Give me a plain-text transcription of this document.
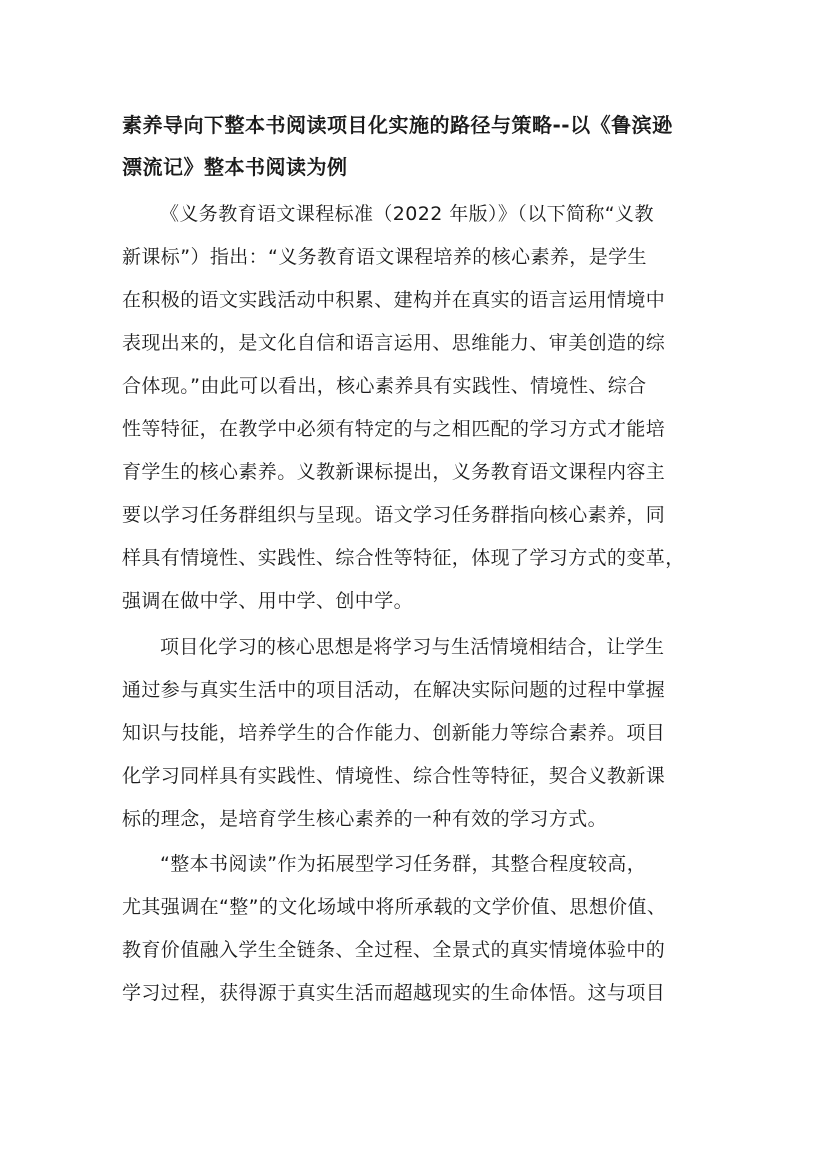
素养导向下整本书阅读项目化实施的路径与策略--以《鲁滨逊
漂流记》整本书阅读为例
《义务教育语文课程标准（2022 年版）》（以下简称“义教
新课标”）指出：“义务教育语文课程培养的核心素养，是学生
在积极的语文实践活动中积累、建构并在真实的语言运用情境中
表现出来的，是文化自信和语言运用、思维能力、审美创造的综
合体现。”由此可以看出，核心素养具有实践性、情境性、综合
性等特征，在教学中必须有特定的与之相匹配的学习方式才能培
育学生的核心素养。义教新课标提出，义务教育语文课程内容主
要以学习任务群组织与呈现。语文学习任务群指向核心素养，同
样具有情境性、实践性、综合性等特征，体现了学习方式的变革，
强调在做中学、用中学、创中学。
项目化学习的核心思想是将学习与生活情境相结合，让学生
通过参与真实生活中的项目活动，在解决实际问题的过程中掌握
知识与技能，培养学生的合作能力、创新能力等综合素养。项目
化学习同样具有实践性、情境性、综合性等特征，契合义教新课
标的理念，是培育学生核心素养的一种有效的学习方式。
“整本书阅读”作为拓展型学习任务群，其整合程度较高，
尤其强调在“整”的文化场域中将所承载的文学价值、思想价值、
教育价值融入学生全链条、全过程、全景式的真实情境体验中的
学习过程，获得源于真实生活而超越现实的生命体悟。这与项目
